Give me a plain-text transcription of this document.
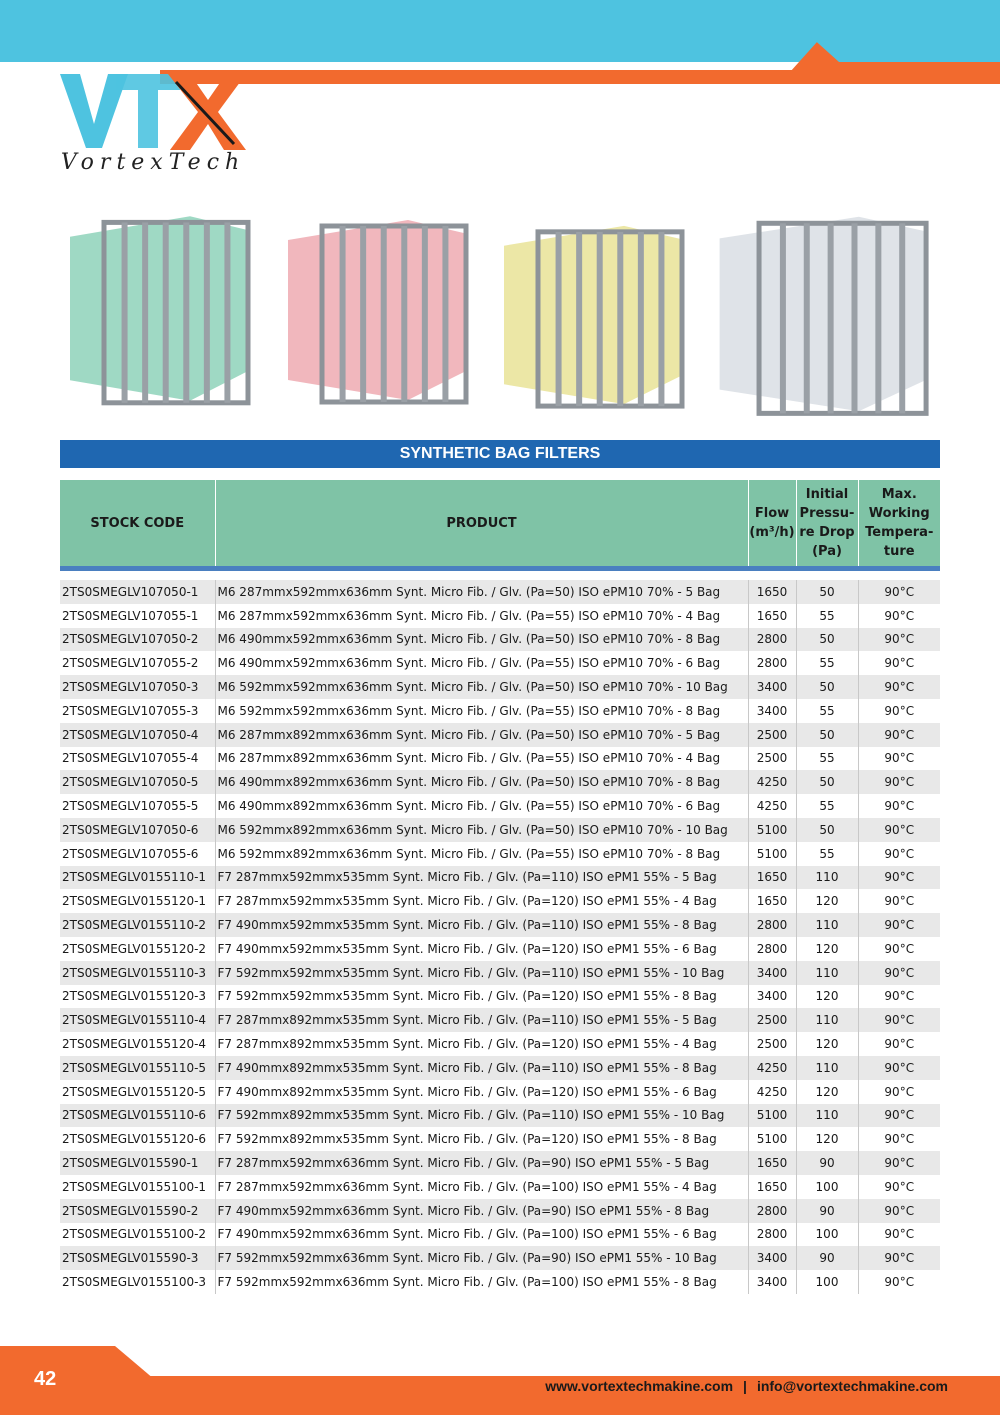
VortexTech
SYNTHETIC BAG FILTERS
STOCK CODE	PRODUCT	Flow (m³/h)	Initial Pressu- re Drop (Pa)	Max. Working Tempera- ture

2TS0SMEGLV107050-1	M6 287mmx592mmx636mm Synt. Micro Fib. / Glv. (Pa=50) ISO ePM10 70% - 5 Bag	1650	50	90°C
2TS0SMEGLV107055-1	M6 287mmx592mmx636mm Synt. Micro Fib. / Glv. (Pa=55) ISO ePM10 70% - 4 Bag	1650	55	90°C
2TS0SMEGLV107050-2	M6 490mmx592mmx636mm Synt. Micro Fib. / Glv. (Pa=50) ISO ePM10 70% - 8 Bag	2800	50	90°C
2TS0SMEGLV107055-2	M6 490mmx592mmx636mm Synt. Micro Fib. / Glv. (Pa=55) ISO ePM10 70% - 6 Bag	2800	55	90°C
2TS0SMEGLV107050-3	M6 592mmx592mmx636mm Synt. Micro Fib. / Glv. (Pa=50) ISO ePM10 70% - 10 Bag	3400	50	90°C
2TS0SMEGLV107055-3	M6 592mmx592mmx636mm Synt. Micro Fib. / Glv. (Pa=55) ISO ePM10 70% - 8 Bag	3400	55	90°C
2TS0SMEGLV107050-4	M6 287mmx892mmx636mm Synt. Micro Fib. / Glv. (Pa=50) ISO ePM10 70% - 5 Bag	2500	50	90°C
2TS0SMEGLV107055-4	M6 287mmx892mmx636mm Synt. Micro Fib. / Glv. (Pa=55) ISO ePM10 70% - 4 Bag	2500	55	90°C
2TS0SMEGLV107050-5	M6 490mmx892mmx636mm Synt. Micro Fib. / Glv. (Pa=50) ISO ePM10 70% - 8 Bag	4250	50	90°C
2TS0SMEGLV107055-5	M6 490mmx892mmx636mm Synt. Micro Fib. / Glv. (Pa=55) ISO ePM10 70% - 6 Bag	4250	55	90°C
2TS0SMEGLV107050-6	M6 592mmx892mmx636mm Synt. Micro Fib. / Glv. (Pa=50) ISO ePM10 70% - 10 Bag	5100	50	90°C
2TS0SMEGLV107055-6	M6 592mmx892mmx636mm Synt. Micro Fib. / Glv. (Pa=55) ISO ePM10 70% - 8 Bag	5100	55	90°C
2TS0SMEGLV0155110-1	F7 287mmx592mmx535mm Synt. Micro Fib. / Glv. (Pa=110) ISO ePM1 55% - 5 Bag	1650	110	90°C
2TS0SMEGLV0155120-1	F7 287mmx592mmx535mm Synt. Micro Fib. / Glv. (Pa=120) ISO ePM1 55% - 4 Bag	1650	120	90°C
2TS0SMEGLV0155110-2	F7 490mmx592mmx535mm Synt. Micro Fib. / Glv. (Pa=110) ISO ePM1 55% - 8 Bag	2800	110	90°C
2TS0SMEGLV0155120-2	F7 490mmx592mmx535mm Synt. Micro Fib. / Glv. (Pa=120) ISO ePM1 55% - 6 Bag	2800	120	90°C
2TS0SMEGLV0155110-3	F7 592mmx592mmx535mm Synt. Micro Fib. / Glv. (Pa=110) ISO ePM1 55% - 10 Bag	3400	110	90°C
2TS0SMEGLV0155120-3	F7 592mmx592mmx535mm Synt. Micro Fib. / Glv. (Pa=120) ISO ePM1 55% - 8 Bag	3400	120	90°C
2TS0SMEGLV0155110-4	F7 287mmx892mmx535mm Synt. Micro Fib. / Glv. (Pa=110) ISO ePM1 55% - 5 Bag	2500	110	90°C
2TS0SMEGLV0155120-4	F7 287mmx892mmx535mm Synt. Micro Fib. / Glv. (Pa=120) ISO ePM1 55% - 4 Bag	2500	120	90°C
2TS0SMEGLV0155110-5	F7 490mmx892mmx535mm Synt. Micro Fib. / Glv. (Pa=110) ISO ePM1 55% - 8 Bag	4250	110	90°C
2TS0SMEGLV0155120-5	F7 490mmx892mmx535mm Synt. Micro Fib. / Glv. (Pa=120) ISO ePM1 55% - 6 Bag	4250	120	90°C
2TS0SMEGLV0155110-6	F7 592mmx892mmx535mm Synt. Micro Fib. / Glv. (Pa=110) ISO ePM1 55% - 10 Bag	5100	110	90°C
2TS0SMEGLV0155120-6	F7 592mmx892mmx535mm Synt. Micro Fib. / Glv. (Pa=120) ISO ePM1 55% - 8 Bag	5100	120	90°C
2TS0SMEGLV015590-1	F7 287mmx592mmx636mm Synt. Micro Fib. / Glv. (Pa=90) ISO ePM1 55% - 5 Bag	1650	90	90°C
2TS0SMEGLV0155100-1	F7 287mmx592mmx636mm Synt. Micro Fib. / Glv. (Pa=100) ISO ePM1 55% - 4 Bag	1650	100	90°C
2TS0SMEGLV015590-2	F7 490mmx592mmx636mm Synt. Micro Fib. / Glv. (Pa=90) ISO ePM1 55% - 8 Bag	2800	90	90°C
2TS0SMEGLV0155100-2	F7 490mmx592mmx636mm Synt. Micro Fib. / Glv. (Pa=100) ISO ePM1 55% - 6 Bag	2800	100	90°C
2TS0SMEGLV015590-3	F7 592mmx592mmx636mm Synt. Micro Fib. / Glv. (Pa=90) ISO ePM1 55% - 10 Bag	3400	90	90°C
2TS0SMEGLV0155100-3	F7 592mmx592mmx636mm Synt. Micro Fib. / Glv. (Pa=100) ISO ePM1 55% - 8 Bag	3400	100	90°C
42	www.vortextechmakine.com | info@vortextechmakine.com
